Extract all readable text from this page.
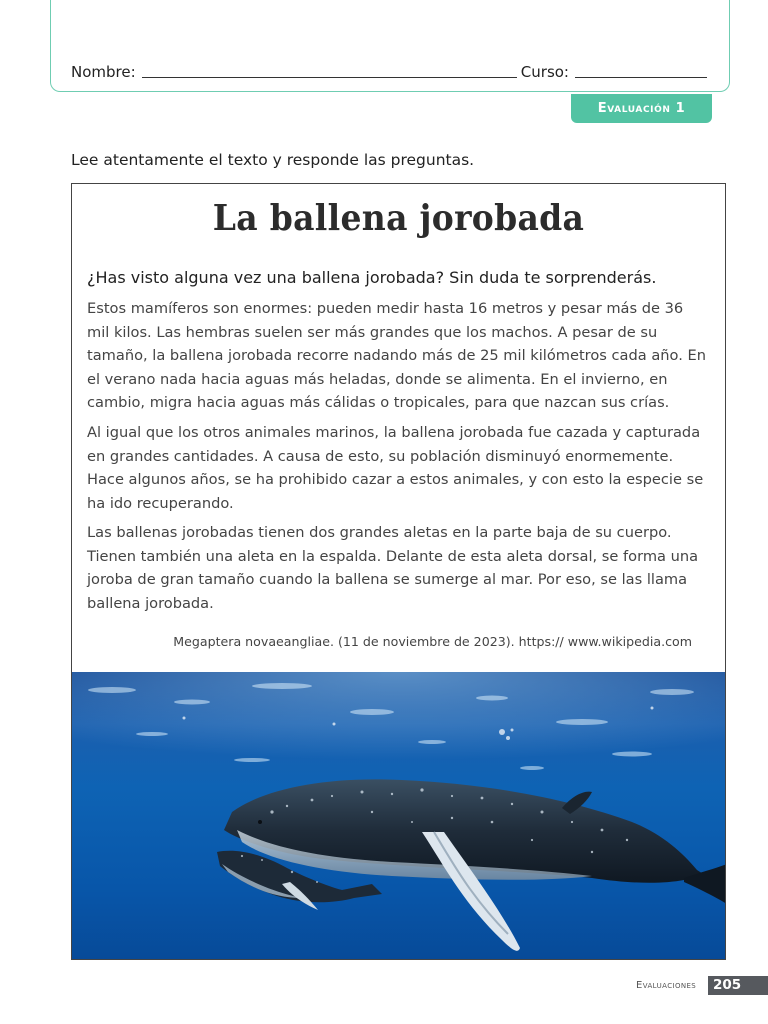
Nombre:	Curso:
Evaluación 1
Lee atentamente el texto y responde las preguntas.
La ballena jorobada
¿Has visto alguna vez una ballena jorobada? Sin duda te sorprenderás.
Estos mamíferos son enormes: pueden medir hasta 16 metros y pesar más de 36 mil kilos. Las hembras suelen ser más grandes que los machos. A pesar de su tamaño, la ballena jorobada recorre nadando más de 25 mil kilómetros cada año. En el verano nada hacia aguas más heladas, donde se alimenta. En el invierno, en cambio, migra hacia aguas más cálidas o tropicales, para que nazcan sus crías.
Al igual que los otros animales marinos, la ballena jorobada fue cazada y capturada en grandes cantidades. A causa de esto, su población disminuyó enormemente. Hace algunos años, se ha prohibido cazar a estos animales, y con esto la especie se ha ido recuperando.
Las ballenas jorobadas tienen dos grandes aletas en la parte baja de su cuerpo. Tienen también una aleta en la espalda. Delante de esta aleta dorsal, se forma una joroba de gran tamaño cuando la ballena se sumerge al mar. Por eso, se las llama ballena jorobada.
Megaptera novaeangliae. (11 de noviembre de 2023). https:// www.wikipedia.com
Evaluaciones	205
